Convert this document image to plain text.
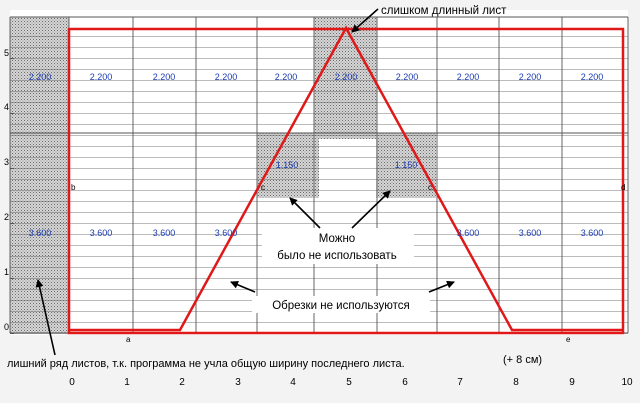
0
1
2
3
4
5
0	1	2	3	4	5	6	7	8	9	10
2.200	2.200	2.200	2.200	2.200	2.200	2.200	2.200	2.200	2.200
3.600	3.600	3.600	3.600	3.600	3.600	3.600
1.150	1.150
a
b	c	c	d
e
слишком длинный лист
Можно
было не использовать
Обрезки не используются
лишний ряд листов, т.к. программа не учла общую ширину последнего листа.	(+ 8 см)
